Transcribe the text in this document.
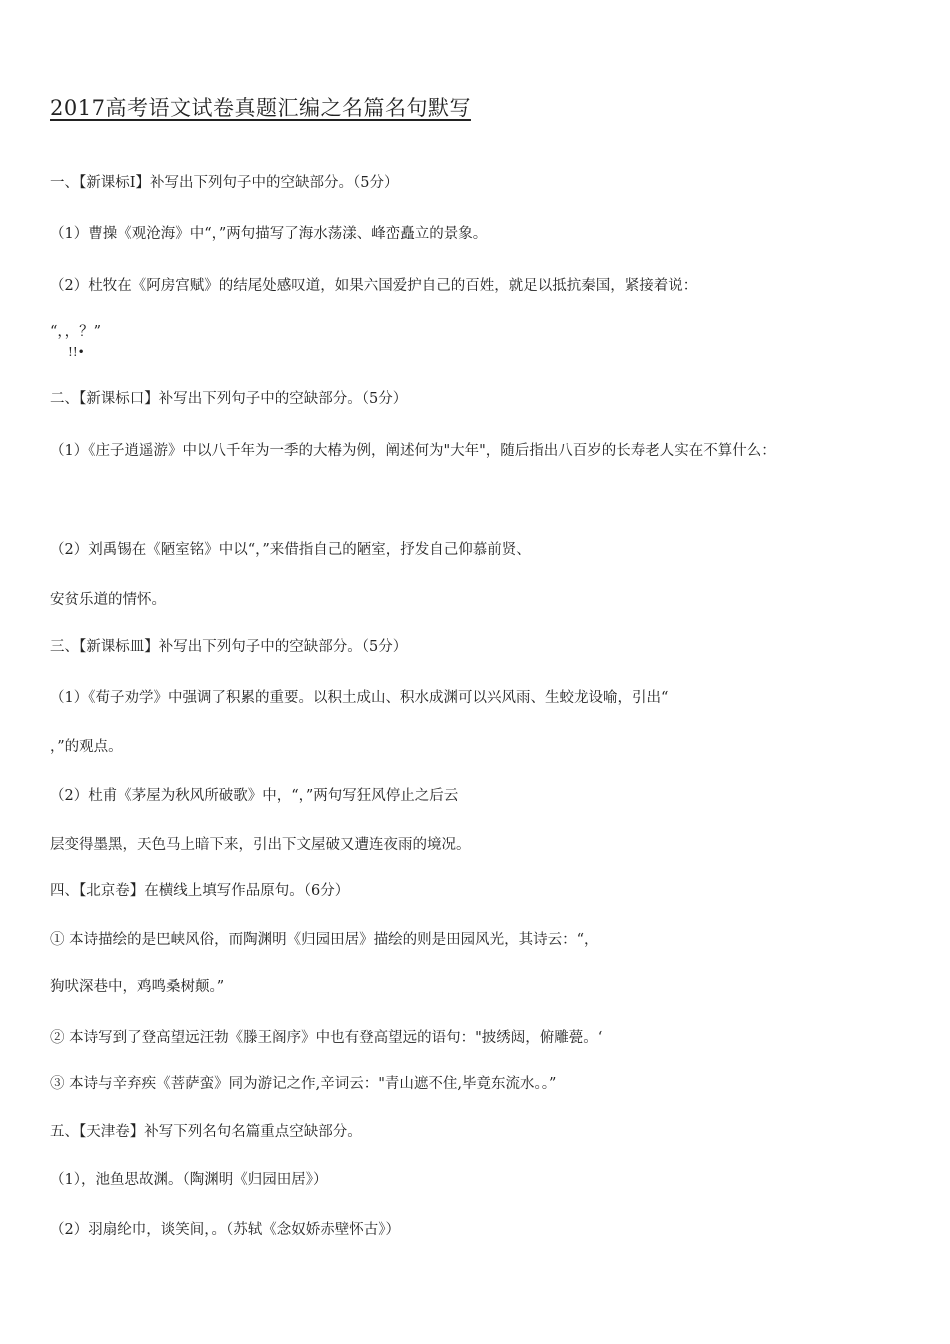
2017高考语文试卷真题汇编之名篇名句默写
一、【新课标Ⅰ】补写出下列句子中的空缺部分。（5分）
（1）曹操《观沧海》中“，”两句描写了海水荡漾、峰峦矗立的景象。
（2）杜牧在《阿房宫赋》的结尾处感叹道，如果六国爱护自己的百姓，就足以抵抗秦国，紧接着说：
“，，？”
!!•
二、【新课标口】补写出下列句子中的空缺部分。（5分）
（1）《庄子逍遥游》中以八千年为一季的大椿为例，阐述何为"大年"，随后指出八百岁的长寿老人实在不算什么：
（2）刘禹锡在《陋室铭》中以“，”来借指自己的陋室，抒发自己仰慕前贤、
安贫乐道的情怀。
三、【新课标皿】补写出下列句子中的空缺部分。（5分）
（1）《荀子劝学》中强调了积累的重要。以积土成山、积水成渊可以兴风雨、生蛟龙设喻，引出“
，”的观点。
（2）杜甫《茅屋为秋风所破歌》中，“，”两句写狂风停止之后云
层变得墨黑，天色马上暗下来，引出下文屋破又遭连夜雨的境况。
四、【北京卷】在横线上填写作品原句。（6分）
① 本诗描绘的是巴峡风俗，而陶渊明《归园田居》描绘的则是田园风光，其诗云：“，
狗吠深巷中，鸡鸣桑树颠。”
② 本诗写到了登高望远汪勃《滕王阁序》中也有登高望远的语句："披绣闼，俯雕甍。‘
③ 本诗与辛弃疾《菩萨蛮》同为游记之作,辛词云："青山遮不住,毕竟东流水。。”
五、【天津卷】补写下列名句名篇重点空缺部分。
（1），池鱼思故渊。（陶渊明《归园田居》）
（2）羽扇纶巾，谈笑间，。（苏轼《念奴娇赤壁怀古》）
